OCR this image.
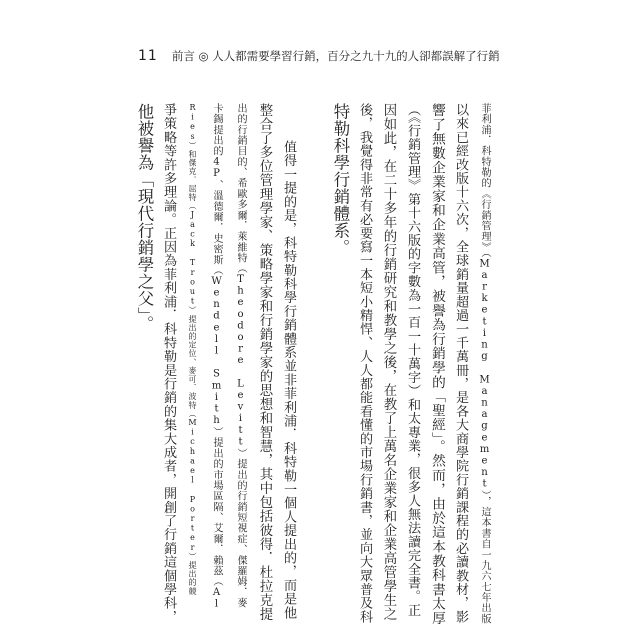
11 前言 ◎ 人人都需要學習行銷，百分之九十九的人卻都誤解了行銷
菲利浦．科特勒的《行銷管理》（Marketing Management），這本書自一九六七年出版
以來已經改版十六次，全球銷量超過一千萬冊，是各大商學院行銷課程的必讀教材，影
響了無數企業家和企業高管，被譽為行銷學的「聖經」。然而，由於這本教科書太厚
（《行銷管理》第十六版的字數為一百一十萬字）和太專業，很多人無法讀完全書。正
因如此，在二十多年的行銷研究和教學之後，在教了上萬名企業家和企業高管學生之
後，我覺得非常有必要寫一本短小精悍、人人都能看懂的市場行銷書，並向大眾普及科
特勒科學行銷體系。
值得一提的是，科特勒科學行銷體系並非菲利浦．科特勒一個人提出的，而是他
整合了多位管理學家、策略學家和行銷學家的思想和智慧，其中包括彼得．杜拉克提
出的行銷目的、希歐多爾．萊維特（Theodore Levitt）提出的行銷短視症、傑羅姆．麥
卡錫提出的4P、溫德爾．史密斯（Wendell Smith）提出的市場區隔、艾爾．賴茲（Al
Ries）和傑克．屈特（Jack Trout）提出的定位、麥可．波特（Michael Porter）提出的競
爭策略等許多理論。正因為菲利浦．科特勒是行銷的集大成者，開創了行銷這個學科，
他被譽為「現代行銷學之父」。
